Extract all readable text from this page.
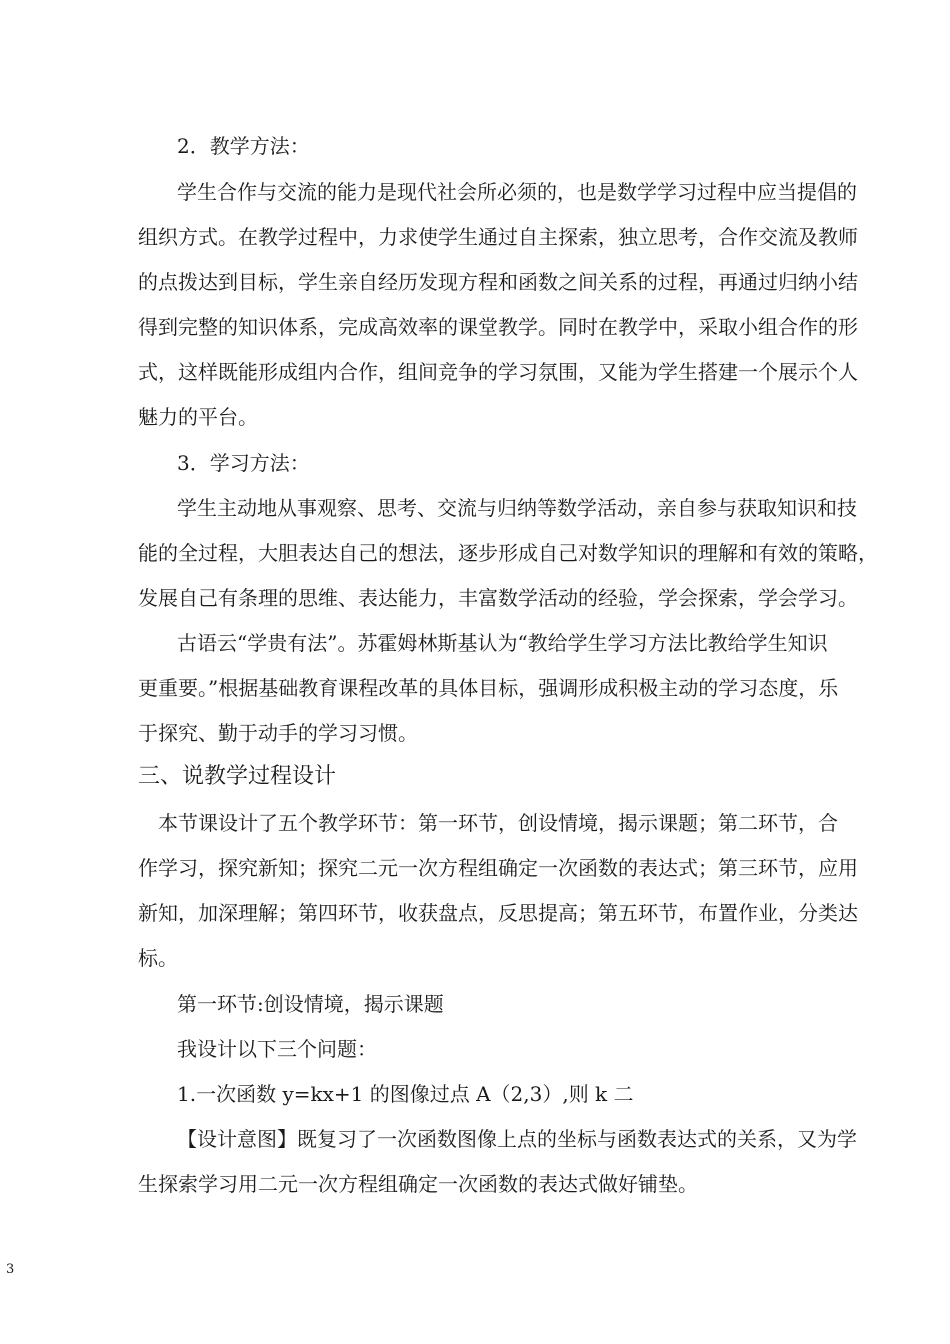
2．教学方法：

学生合作与交流的能力是现代社会所必须的，也是数学学习过程中应当提倡的

组织方式。在教学过程中，力求使学生通过自主探索，独立思考，合作交流及教师

的点拨达到目标，学生亲自经历发现方程和函数之间关系的过程，再通过归纳小结

得到完整的知识体系，完成高效率的课堂教学。同时在教学中，采取小组合作的形

式，这样既能形成组内合作，组间竞争的学习氛围，又能为学生搭建一个展示个人

魅力的平台。

3．学习方法：

学生主动地从事观察、思考、交流与归纳等数学活动，亲自参与获取知识和技

能的全过程，大胆表达自己的想法，逐步形成自己对数学知识的理解和有效的策略，

发展自己有条理的思维、表达能力，丰富数学活动的经验，学会探索，学会学习。

古语云“学贵有法”。苏霍姆林斯基认为“教给学生学习方法比教给学生知识

更重要。”根据基础教育课程改革的具体目标，强调形成积极主动的学习态度，乐

于探究、勤于动手的学习习惯。

三、说教学过程设计

本节课设计了五个教学环节：第一环节，创设情境，揭示课题；第二环节，合

作学习，探究新知；探究二元一次方程组确定一次函数的表达式；第三环节，应用

新知，加深理解；第四环节，收获盘点，反思提高；第五环节，布置作业，分类达

标。

第一环节:创设情境，揭示课题

我设计以下三个问题：

1.一次函数 y=kx+1 的图像过点 A（2,3）,则 k 二

【设计意图】既复习了一次函数图像上点的坐标与函数表达式的关系，又为学

生探索学习用二元一次方程组确定一次函数的表达式做好铺垫。

3
